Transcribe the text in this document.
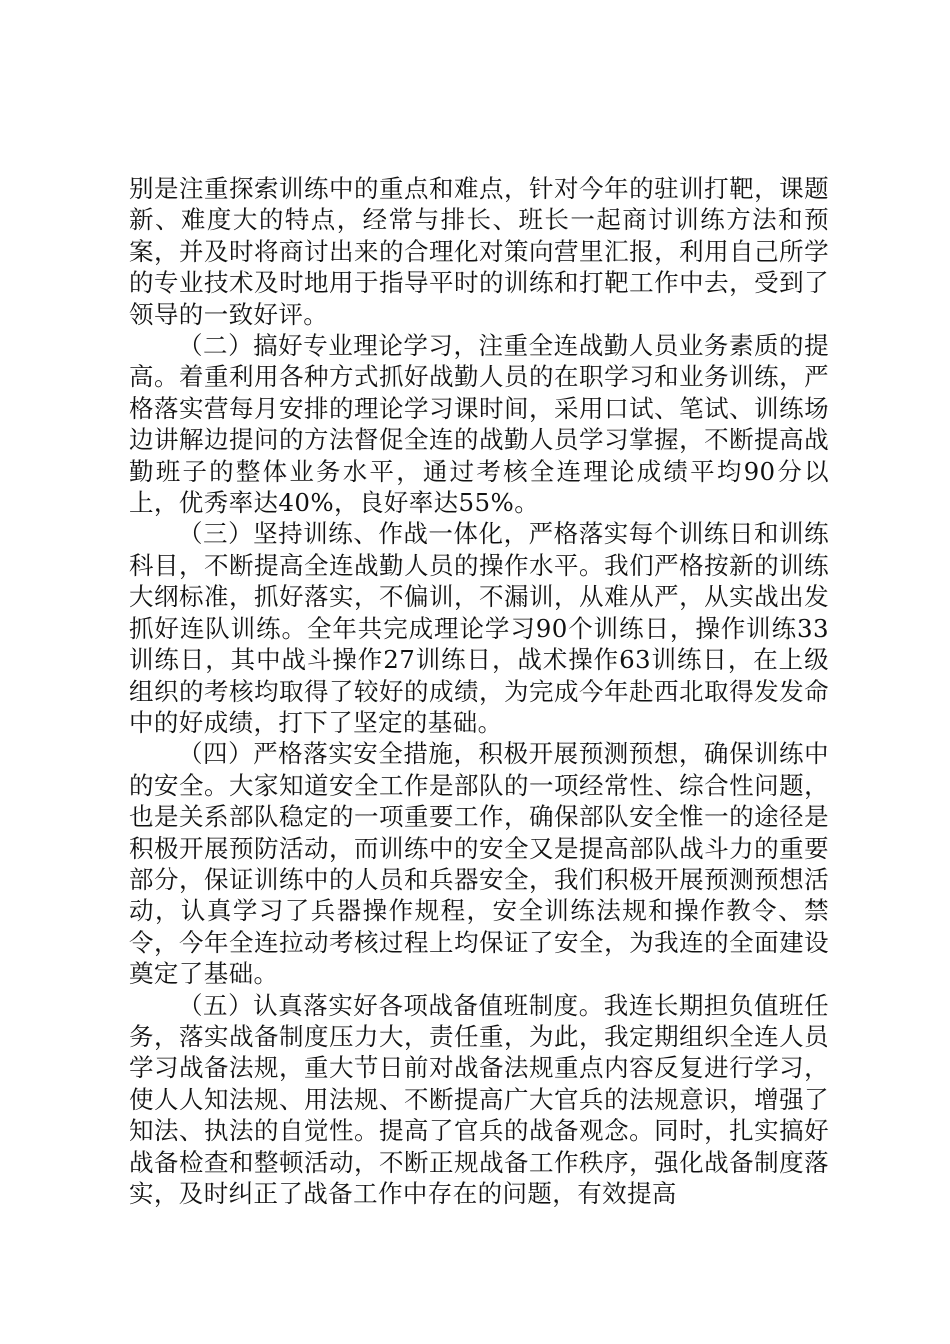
别是注重探索训练中的重点和难点，针对今年的驻训打靶，课题新、难度大的特点，经常与排长、班长一起商讨训练方法和预案，并及时将商讨出来的合理化对策向营里汇报，利用自己所学的专业技术及时地用于指导平时的训练和打靶工作中去，受到了领导的一致好评。

（二）搞好专业理论学习，注重全连战勤人员业务素质的提高。着重利用各种方式抓好战勤人员的在职学习和业务训练，严格落实营每月安排的理论学习课时间，采用口试、笔试、训练场边讲解边提问的方法督促全连的战勤人员学习掌握，不断提高战勤班子的整体业务水平，通过考核全连理论成绩平均90分以上，优秀率达40%，良好率达55%。

（三）坚持训练、作战一体化，严格落实每个训练日和训练科目，不断提高全连战勤人员的操作水平。我们严格按新的训练大纲标准，抓好落实，不偏训，不漏训，从难从严，从实战出发抓好连队训练。全年共完成理论学习90个训练日，操作训练33训练日，其中战斗操作27训练日，战术操作63训练日，在上级组织的考核均取得了较好的成绩，为完成今年赴西北取得发发命中的好成绩，打下了坚定的基础。

（四）严格落实安全措施，积极开展预测预想，确保训练中的安全。大家知道安全工作是部队的一项经常性、综合性问题，也是关系部队稳定的一项重要工作，确保部队安全惟一的途径是积极开展预防活动，而训练中的安全又是提高部队战斗力的重要部分，保证训练中的人员和兵器安全，我们积极开展预测预想活动，认真学习了兵器操作规程，安全训练法规和操作教令、禁令，今年全连拉动考核过程上均保证了安全，为我连的全面建设奠定了基础。

（五）认真落实好各项战备值班制度。我连长期担负值班任务，落实战备制度压力大，责任重，为此，我定期组织全连人员学习战备法规，重大节日前对战备法规重点内容反复进行学习，使人人知法规、用法规、不断提高广大官兵的法规意识，增强了知法、执法的自觉性。提高了官兵的战备观念。同时，扎实搞好战备检查和整顿活动，不断正规战备工作秩序，强化战备制度落实，及时纠正了战备工作中存在的问题，有效提高
